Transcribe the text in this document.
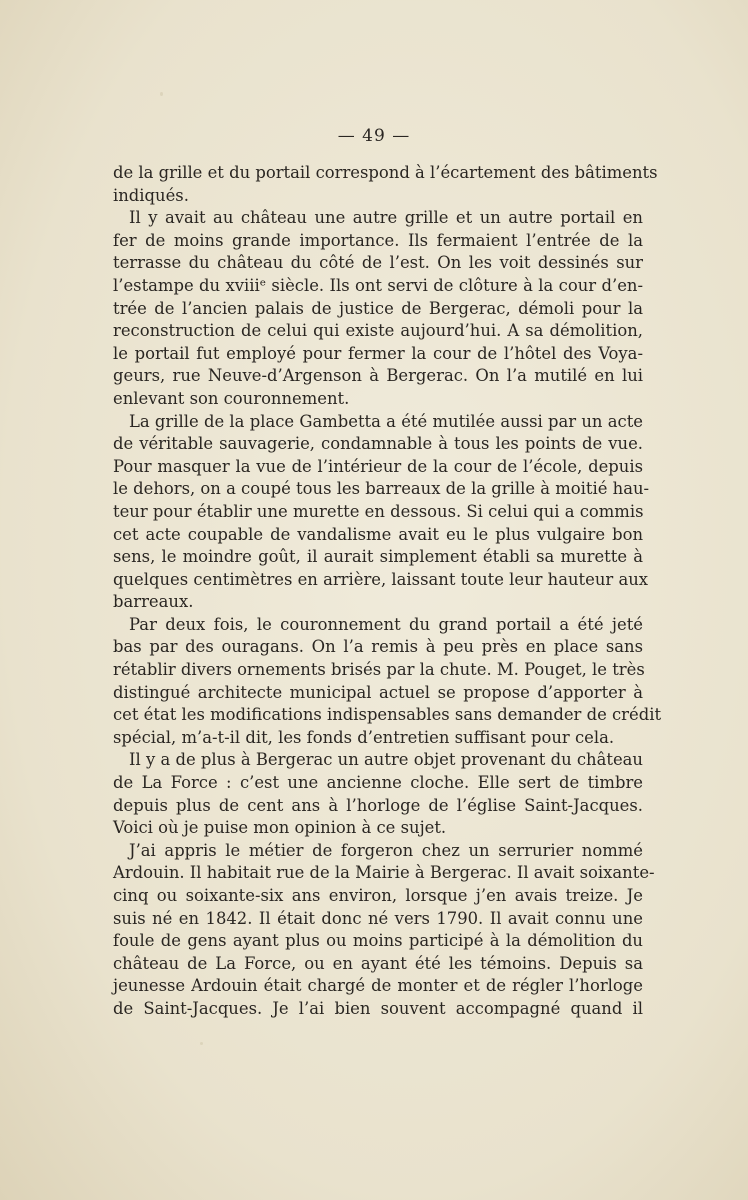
— 49 —
de la grille et du portail correspond à l’écartement des bâtiments
indiqués.
Il y avait au château une autre grille et un autre portail en
fer de moins grande importance. Ils fermaient l’entrée de la
terrasse du château du côté de l’est. On les voit dessinés sur
l’estampe du xviiiᵉ siècle. Ils ont servi de clôture à la cour d’en-
trée de l’ancien palais de justice de Bergerac, démoli pour la
reconstruction de celui qui existe aujourd’hui. A sa démolition,
le portail fut employé pour fermer la cour de l’hôtel des Voya-
geurs, rue Neuve-d’Argenson à Bergerac. On l’a mutilé en lui
enlevant son couronnement.
La grille de la place Gambetta a été mutilée aussi par un acte
de véritable sauvagerie, condamnable à tous les points de vue.
Pour masquer la vue de l’intérieur de la cour de l’école, depuis
le dehors, on a coupé tous les barreaux de la grille à moitié hau-
teur pour établir une murette en dessous. Si celui qui a commis
cet acte coupable de vandalisme avait eu le plus vulgaire bon
sens, le moindre goût, il aurait simplement établi sa murette à
quelques centimètres en arrière, laissant toute leur hauteur aux
barreaux.
Par deux fois, le couronnement du grand portail a été jeté
bas par des ouragans. On l’a remis à peu près en place sans
rétablir divers ornements brisés par la chute. M. Pouget, le très
distingué architecte municipal actuel se propose d’apporter à
cet état les modifications indispensables sans demander de crédit
spécial, m’a-t-il dit, les fonds d’entretien suffisant pour cela.
Il y a de plus à Bergerac un autre objet provenant du château
de La Force : c’est une ancienne cloche. Elle sert de timbre
depuis plus de cent ans à l’horloge de l’église Saint-Jacques.
Voici où je puise mon opinion à ce sujet.
J’ai appris le métier de forgeron chez un serrurier nommé
Ardouin. Il habitait rue de la Mairie à Bergerac. Il avait soixante-
cinq ou soixante-six ans environ, lorsque j’en avais treize. Je
suis né en 1842. Il était donc né vers 1790. Il avait connu une
foule de gens ayant plus ou moins participé à la démolition du
château de La Force, ou en ayant été les témoins. Depuis sa
jeunesse Ardouin était chargé de monter et de régler l’horloge
de Saint-Jacques. Je l’ai bien souvent accompagné quand il
